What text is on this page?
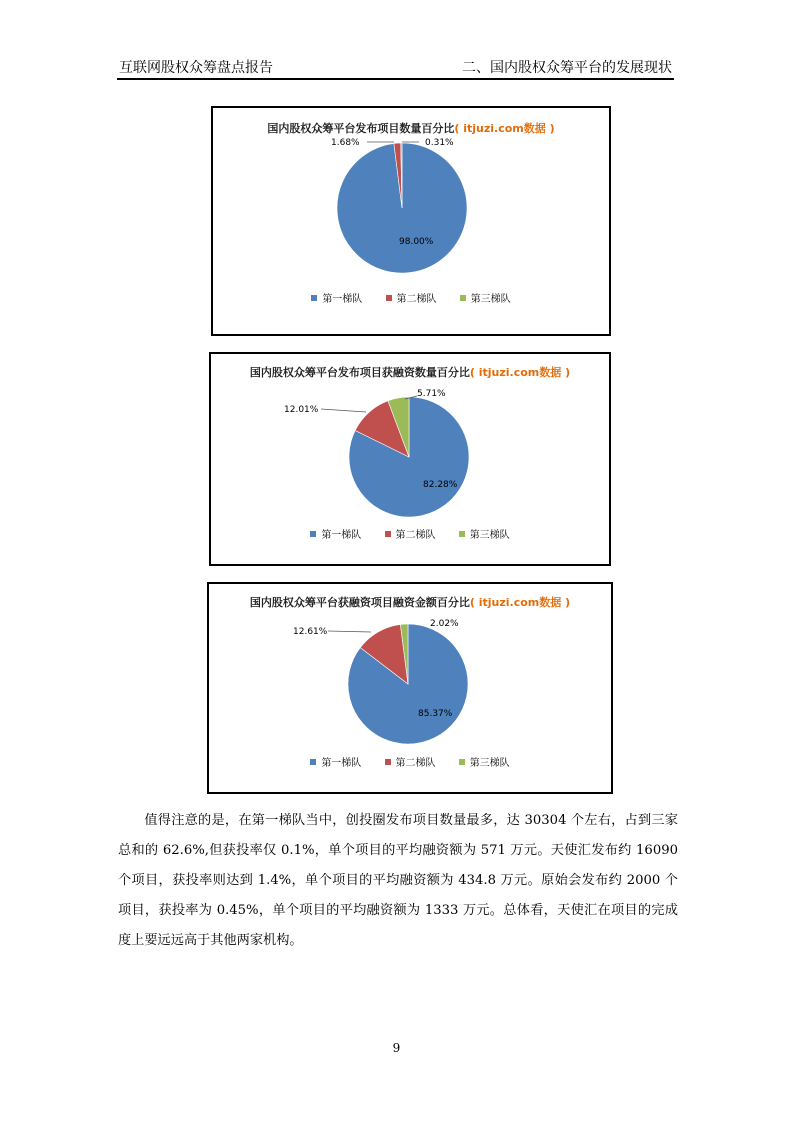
互联网股权众筹盘点报告	二、国内股权众筹平台的发展现状
国内股权众筹平台发布项目数量百分比( itjuzi.com数据 )
98.00%
1.68%	0.31%
第一梯队	第二梯队	第三梯队
国内股权众筹平台发布项目获融资数量百分比( itjuzi.com数据 )
82.28%
12.01%
5.71%
第一梯队	第二梯队	第三梯队
国内股权众筹平台获融资项目融资金额百分比( itjuzi.com数据 )
85.37%
12.61%
2.02%
第一梯队	第二梯队	第三梯队

值得注意的是，在第一梯队当中，创投圈发布项目数量最多，达 30304 个左右，占到三家总和的 62.6%,但获投率仅 0.1%，单个项目的平均融资额为 571 万元。天使汇发布约 16090 个项目，获投率则达到 1.4%，单个项目的平均融资额为 434.8 万元。原始会发布约 2000 个项目，获投率为 0.45%，单个项目的平均融资额为 1333 万元。总体看，天使汇在项目的完成度上要远远高于其他两家机构。

9
